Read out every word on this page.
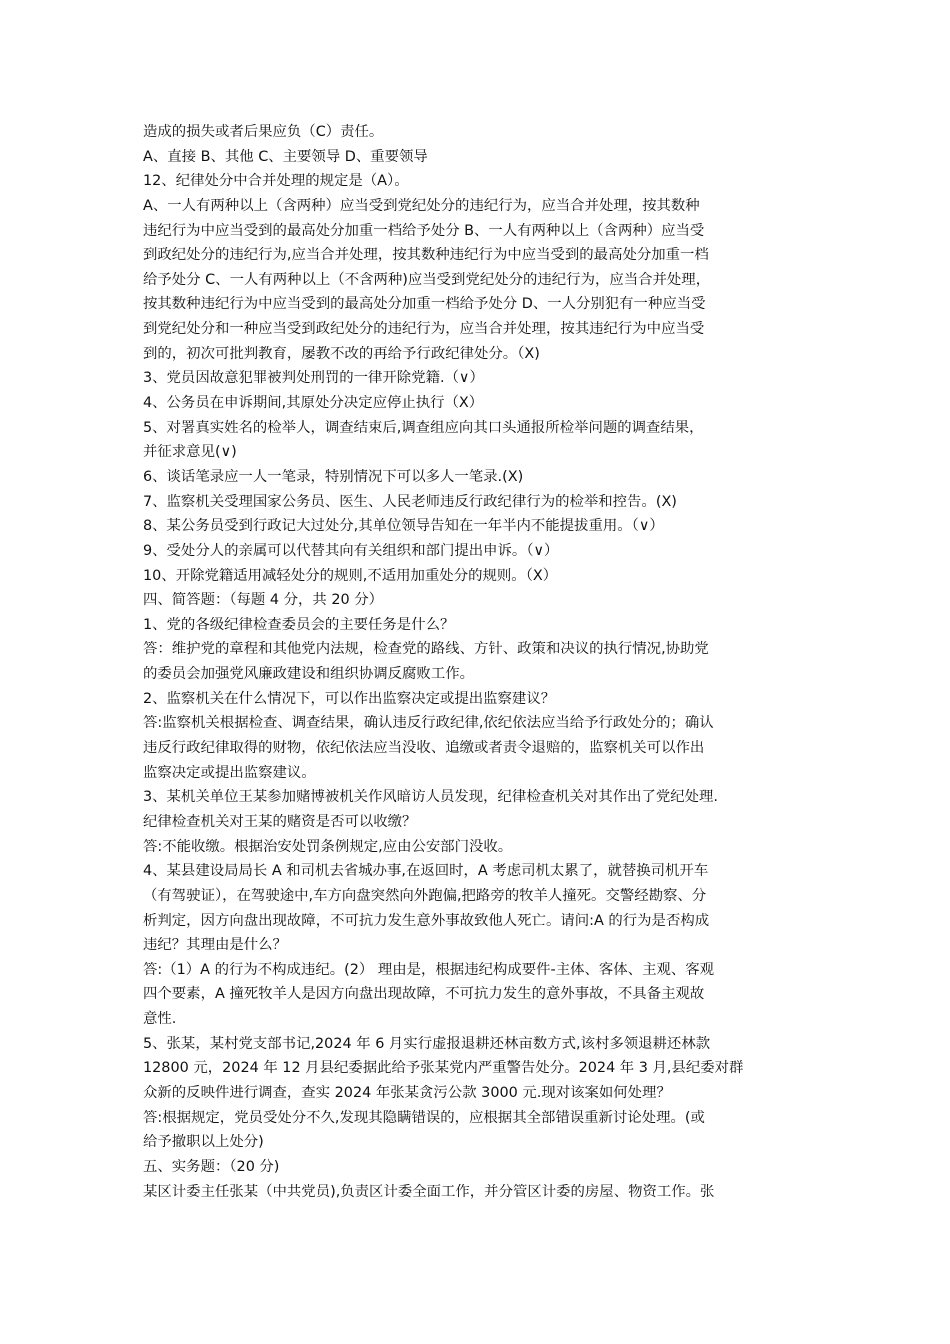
造成的损失或者后果应负（C）责任。
A、直接 B、其他 C、主要领导 D、重要领导
12、纪律处分中合并处理的规定是（A）。
A、一人有两种以上（含两种）应当受到党纪处分的违纪行为，应当合并处理，按其数种
违纪行为中应当受到的最高处分加重一档给予处分 B、一人有两种以上（含两种）应当受
到政纪处分的违纪行为,应当合并处理，按其数种违纪行为中应当受到的最高处分加重一档
给予处分 C、一人有两种以上（不含两种)应当受到党纪处分的违纪行为，应当合并处理，
按其数种违纪行为中应当受到的最高处分加重一档给予处分 D、一人分别犯有一种应当受
到党纪处分和一种应当受到政纪处分的违纪行为，应当合并处理，按其违纪行为中应当受
到的，初次可批判教育，屡教不改的再给予行政纪律处分。（X)
3、党员因故意犯罪被判处刑罚的一律开除党籍.（∨）
4、公务员在申诉期间,其原处分决定应停止执行（X）
5、对署真实姓名的检举人，调查结束后,调查组应向其口头通报所检举问题的调查结果，
并征求意见(∨)
6、谈话笔录应一人一笔录，特别情况下可以多人一笔录.(X)
7、监察机关受理国家公务员、医生、人民老师违反行政纪律行为的检举和控告。(X)
8、某公务员受到行政记大过处分,其单位领导告知在一年半内不能提拔重用。（∨）
9、受处分人的亲属可以代替其向有关组织和部门提出申诉。（∨）
10、开除党籍适用减轻处分的规则,不适用加重处分的规则。（X）
四、简答题：（每题 4 分，共 20 分）
1、党的各级纪律检查委员会的主要任务是什么？
答：维护党的章程和其他党内法规，检查党的路线、方针、政策和决议的执行情况,协助党
的委员会加强党风廉政建设和组织协调反腐败工作。
2、监察机关在什么情况下，可以作出监察决定或提出监察建议？
答:监察机关根据检查、调查结果，确认违反行政纪律,依纪依法应当给予行政处分的；确认
违反行政纪律取得的财物，依纪依法应当没收、追缴或者责令退赔的，监察机关可以作出
监察决定或提出监察建议。
3、某机关单位王某参加赌博被机关作风暗访人员发现，纪律检查机关对其作出了党纪处理.
纪律检查机关对王某的赌资是否可以收缴？
答:不能收缴。根据治安处罚条例规定,应由公安部门没收。
4、某县建设局局长 A 和司机去省城办事,在返回时，A 考虑司机太累了，就替换司机开车
（有驾驶证），在驾驶途中,车方向盘突然向外跑偏,把路旁的牧羊人撞死。交警经勘察、分
析判定，因方向盘出现故障，不可抗力发生意外事故致他人死亡。请问:A 的行为是否构成
违纪？其理由是什么？
答:（1）A 的行为不构成违纪。(2） 理由是，根据违纪构成要件-主体、客体、主观、客观
四个要素，A 撞死牧羊人是因方向盘出现故障，不可抗力发生的意外事故，不具备主观故
意性.
5、张某，某村党支部书记,2024 年 6 月实行虚报退耕还林亩数方式,该村多领退耕还林款
12800 元，2024 年 12 月县纪委据此给予张某党内严重警告处分。2024 年 3 月,县纪委对群
众新的反映件进行调查，查实 2024 年张某贪污公款 3000 元.现对该案如何处理？
答:根据规定，党员受处分不久,发现其隐瞒错误的，应根据其全部错误重新讨论处理。(或
给予撤职以上处分)
五、实务题：（20 分)
某区计委主任张某（中共党员),负责区计委全面工作，并分管区计委的房屋、物资工作。张
